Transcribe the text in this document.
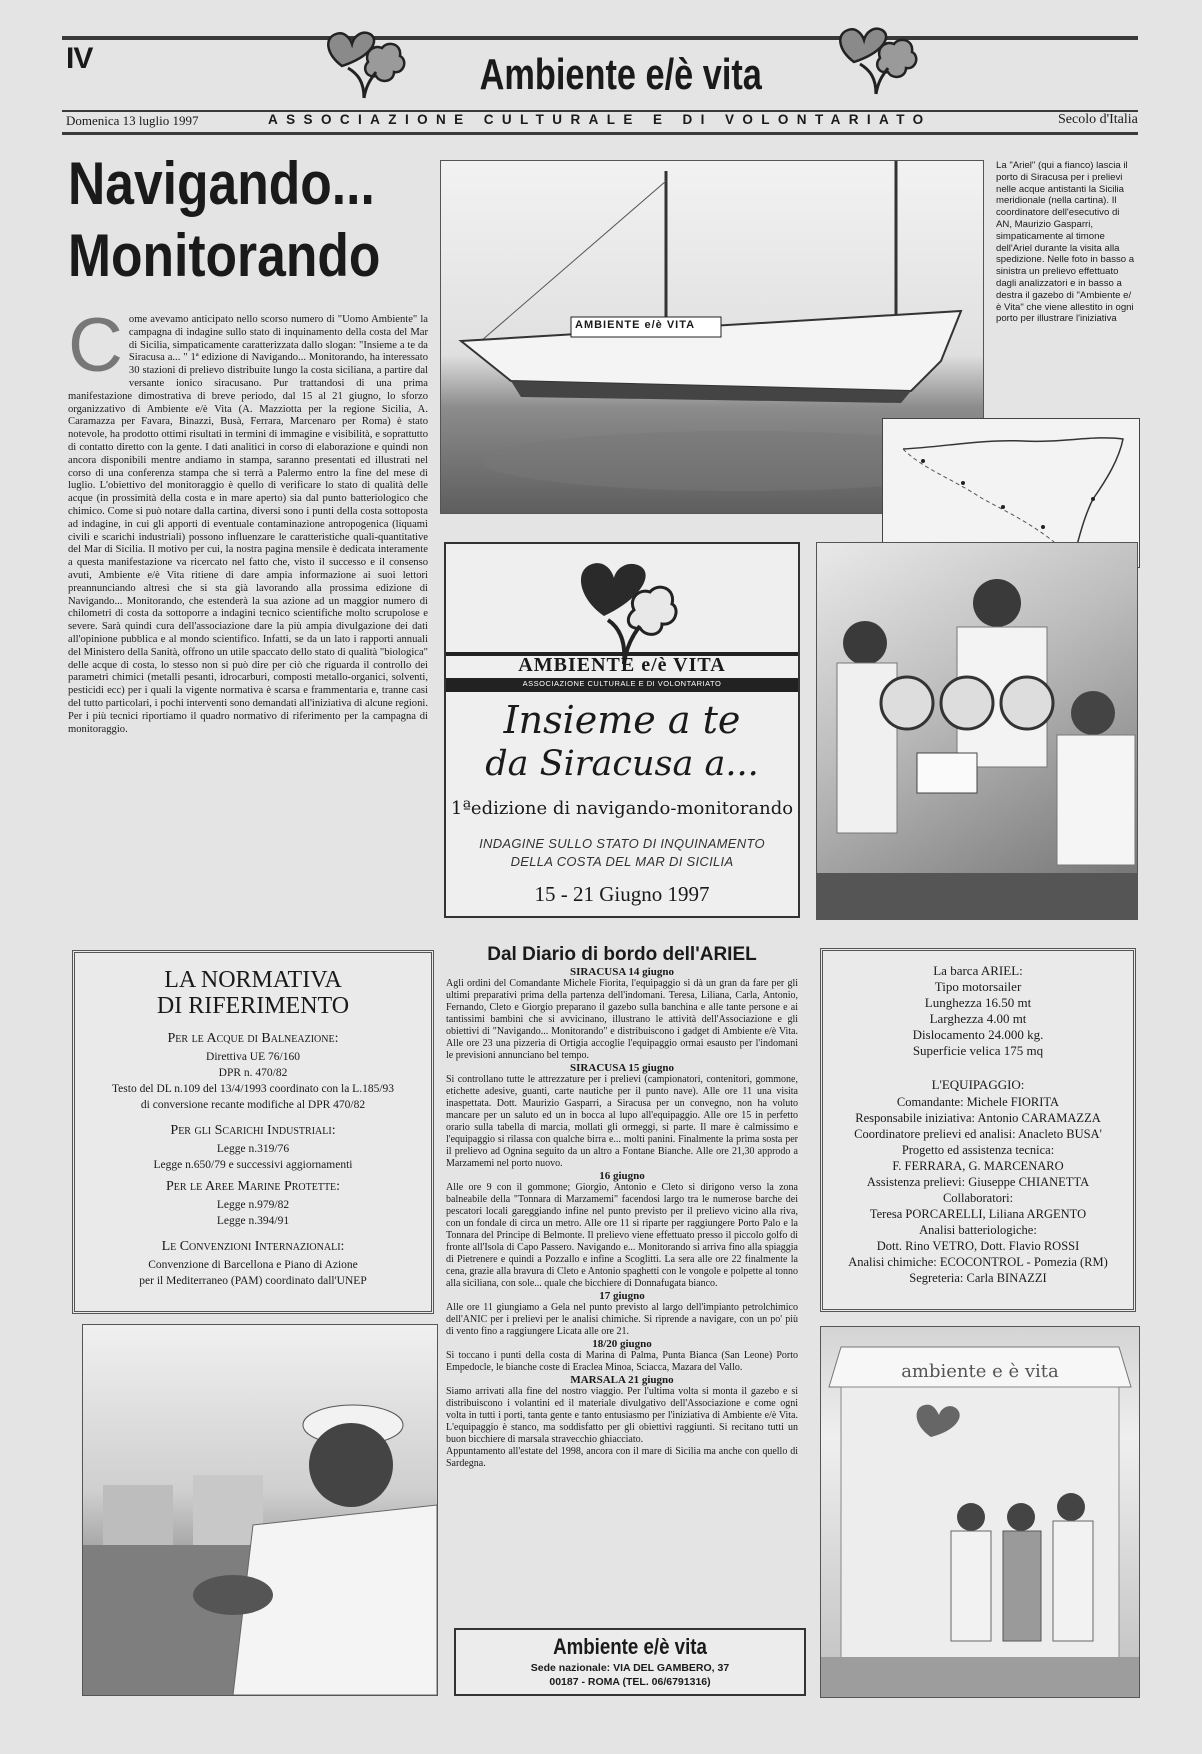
IV	Ambiente e/è vita
Domenica 13 luglio 1997	ASSOCIAZIONE CULTURALE E DI VOLONTARIATO	Secolo d'Italia
Navigando...
Monitorando
C ome avevamo anticipato nello scorso numero di "Uomo Ambiente" la campagna di indagine sullo stato di inquinamento della costa del Mar di Sicilia, simpaticamente caratterizzata dallo slogan: "Insieme a te da Siracusa a... " 1ª edizione di Navigando... Monitorando, ha interessato 30 stazioni di prelievo distribuite lungo la costa siciliana, a partire dal versante ionico siracusano. Pur trattandosi di una prima manifestazione dimostrativa di breve periodo, dal 15 al 21 giugno, lo sforzo organizzativo di Ambiente e/è Vita (A. Mazziotta per la regione Sicilia, A. Caramazza per Favara, Binazzi, Busà, Ferrara, Marcenaro per Roma) è stato notevole, ha prodotto ottimi risultati in termini di immagine e visibilità, e soprattutto di contatto diretto con la gente. I dati analitici in corso di elaborazione e quindi non ancora disponibili mentre andiamo in stampa, saranno presentati ed illustrati nel corso di una conferenza stampa che si terrà a Palermo entro la fine del mese di luglio. L'obiettivo del monitoraggio è quello di verificare lo stato di qualità delle acque (in prossimità della costa e in mare aperto) sia dal punto batteriologico che chimico. Come si può notare dalla cartina, diversi sono i punti della costa sottoposta ad indagine, in cui gli apporti di eventuale contaminazione antropogenica (liquami civili e scarichi industriali) possono influenzare le caratteristiche quali-quantitative del Mar di Sicilia. Il motivo per cui, la nostra pagina mensile è dedicata interamente a questa manifestazione va ricercato nel fatto che, visto il successo e il consenso avuti, Ambiente e/è Vita ritiene di dare ampia informazione ai suoi lettori preannunciando altresì che si sta già lavorando alla prossima edizione di Navigando... Monitorando, che estenderà la sua azione ad un maggior numero di chilometri di costa da sottoporre a indagini tecnico scientifiche molto scrupolose e severe. Sarà quindi cura dell'associazione dare la più ampia divulgazione dei dati all'opinione pubblica e al mondo scientifico. Infatti, se da un lato i rapporti annuali del Ministero della Sanità, offrono un utile spaccato dello stato di qualità "biologica" delle acque di costa, lo stesso non si può dire per ciò che riguarda il controllo dei parametri chimici (metalli pesanti, idrocarburi, composti metallo-organici, solventi, pesticidi ecc) per i quali la vigente normativa è scarsa e frammentaria e, tranne casi del tutto particolari, i pochi interventi sono demandati all'iniziativa di alcune regioni. Per i più tecnici riportiamo il quadro normativo di riferimento per la campagna di monitoraggio.

AMBIENTE e/è VITA
La "Ariel" (qui a fianco) lascia il porto di Siracusa per i prelievi nelle acque antistanti la Sicilia meridionale (nella cartina). Il coordinatore dell'esecutivo di AN, Maurizio Gasparri, simpaticamente al timone dell'Ariel durante la visita alla spedizione. Nelle foto in basso a sinistra un prelievo effettuato dagli analizzatori e in basso a destra il gazebo di "Ambiente e/è Vita" che viene allestito in ogni porto per illustrare l'iniziativa
AMBIENTE e/è VITA
ASSOCIAZIONE CULTURALE E DI VOLONTARIATO
Insieme a te
da Siracusa a...
1ªedizione di navigando-monitorando
INDAGINE SULLO STATO DI INQUINAMENTO
DELLA COSTA DEL MAR DI SICILIA
15 - 21 Giugno 1997
LA NORMATIVA
DI RIFERIMENTO
Per le Acque di Balneazione:
Direttiva UE 76/160
DPR n. 470/82
Testo del DL n.109 del 13/4/1993 coordinato con la L.185/93
di conversione recante modifiche al DPR 470/82
Per gli Scarichi Industriali:
Legge n.319/76
Legge n.650/79 e successivi aggiornamenti
Per le Aree Marine Protette:
Legge n.979/82
Legge n.394/91
Le Convenzioni Internazionali:
Convenzione di Barcellona e Piano di Azione
per il Mediterraneo (PAM) coordinato dall'UNEP
Dal Diario di bordo dell'ARIEL
SIRACUSA 14 giugno

Agli ordini del Comandante Michele Fiorita, l'equipaggio si dà un gran da fare per gli ultimi preparativi prima della partenza dell'indomani. Teresa, Liliana, Carla, Antonio, Fernando, Cleto e Giorgio preparano il gazebo sulla banchina e alle tante persone e ai tantissimi bambini che si avvicinano, illustrano le attività dell'Associazione e gli obiettivi di "Navigando... Monitorando" e distribuiscono i gadget di Ambiente e/è Vita. Alle ore 23 una pizzeria di Ortigia accoglie l'equipaggio ormai esausto per l'indomani le previsioni annunciano bel tempo.

SIRACUSA 15 giugno

Si controllano tutte le attrezzature per i prelievi (campionatori, contenitori, gommone, etichette adesive, guanti, carte nautiche per il punto nave). Alle ore 11 una visita inaspettata. Dott. Maurizio Gasparri, a Siracusa per un convegno, non ha voluto mancare per un saluto ed un in bocca al lupo all'equipaggio. Alle ore 15 in perfetto orario sulla tabella di marcia, mollati gli ormeggi, si parte. Il mare è calmissimo e l'equipaggio si rilassa con qualche birra e... molti panini. Finalmente la prima sosta per il prelievo ad Ognina seguito da un altro a Fontane Bianche. Alle ore 21,30 approdo a Marzamemi nel porto nuovo.

16 giugno

Alle ore 9 con il gommone; Giorgio, Antonio e Cleto si dirigono verso la zona balneabile della "Tonnara di Marzamemi" facendosi largo tra le numerose barche dei pescatori locali gareggiando infine nel punto previsto per il prelievo vicino alla riva, con un fondale di circa un metro. Alle ore 11 si riparte per raggiungere Porto Palo e la Tonnara del Principe di Belmonte. Il prelievo viene effettuato presso il piccolo golfo di fronte all'Isola di Capo Passero. Navigando e... Monitorando si arriva fino alla spiaggia di Pietrenere e quindi a Pozzallo e infine a Scoglitti. La sera alle ore 22 finalmente la cena, grazie alla bravura di Cleto e Antonio spaghetti con le vongole e polpette al tonno alla siciliana, con sole... quale che bicchiere di Donnafugata bianco.

17 giugno

Alle ore 11 giungiamo a Gela nel punto previsto al largo dell'impianto petrolchimico dell'ANIC per i prelievi per le analisi chimiche. Si riprende a navigare, con un po' più di vento fino a raggiungere Licata alle ore 21.

18/20 giugno

Si toccano i punti della costa di Marina di Palma, Punta Bianca (San Leone) Porto Empedocle, le bianche coste di Eraclea Minoa, Sciacca, Mazara del Vallo.

MARSALA 21 giugno

Siamo arrivati alla fine del nostro viaggio. Per l'ultima volta si monta il gazebo e si distribuiscono i volantini ed il materiale divulgativo dell'Associazione e come ogni volta in tutti i porti, tanta gente e tanto entusiasmo per l'iniziativa di Ambiente e/è Vita. L'equipaggio è stanco, ma soddisfatto per gli obiettivi raggiunti. Si recitano tutti un buon bicchiere di marsala stravecchio ghiacciato.

Appuntamento all'estate del 1998, ancora con il mare di Sicilia ma anche con quello di Sardegna.

Ambiente e/è vita
Sede nazionale: VIA DEL GAMBERO, 37
00187 - ROMA (TEL. 06/6791316)
La barca ARIEL:
Tipo motorsailer
Lunghezza 16.50 mt
Larghezza 4.00 mt
Dislocamento 24.000 kg.
Superficie velica 175 mq
L'EQUIPAGGIO:
Comandante: Michele FIORITA
Responsabile iniziativa: Antonio CARAMAZZA
Coordinatore prelievi ed analisi: Anacleto BUSA'
Progetto ed assistenza tecnica:
F. FERRARA, G. MARCENARO
Assistenza prelievi: Giuseppe CHIANETTA
Collaboratori:
Teresa PORCARELLI, Liliana ARGENTO
Analisi batteriologiche:
Dott. Rino VETRO, Dott. Flavio ROSSI
Analisi chimiche: ECOCONTROL - Pomezia (RM)
Segreteria: Carla BINAZZI
ambiente e è vita
